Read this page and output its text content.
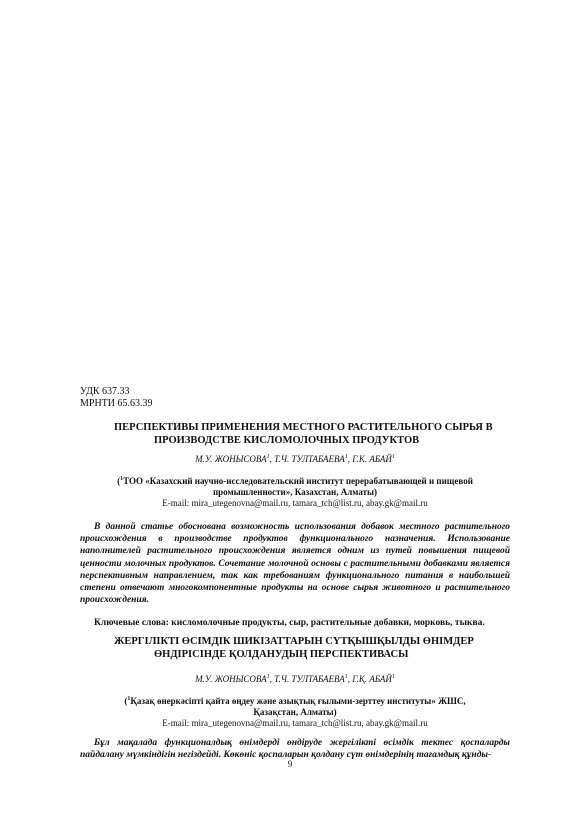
УДК 637.33
МРНТИ 65.63.39
ПЕРСПЕКТИВЫ ПРИМЕНЕНИЯ МЕСТНОГО РАСТИТЕЛЬНОГО СЫРЬЯ В
ПРОИЗВОДСТВЕ КИСЛОМОЛОЧНЫХ ПРОДУКТОВ
М.У. ЖОНЫСОВА$^1$, Т.Ч. ТУЛТАБАЕВА$^1$, Г.К. АБАЙ$^1$
($^1$ТОО «Казахский научно-исследовательский институт перерабатывающей и пищевой
промышленности», Казахстан, Алматы)
E-mail: mira_utegenovna@mail.ru, tamara_tch@list.ru, abay.gk@mail.ru
В данной статье обоснована возможность использования добавок местного растительного происхождения в производстве продуктов функционального назначения. Использование наполнителей растительного происхождения является одним из путей повышения пищевой ценности молочных продуктов. Сочетание молочной основы с растительными добавками является перспективным направлением, так как требованиям функционального питания в наибольшей степени отвечают многокомпонентные продукты на основе сырья животного и растительного происхождения.
Ключевые слова: кисломолочные продукты, сыр, растительные добавки, морковь, тыква.
ЖЕРГІЛІКТІ ӨСІМДІК ШИКІЗАТТАРЫН СҮТҚЫШҚЫЛДЫ ӨНІМДЕР
ӨНДІРІСІНДЕ ҚОЛДАНУДЫҢ ПЕРСПЕКТИВАСЫ
М.У. ЖОНЫСОВА$^1$, Т.Ч. ТУЛТАБАЕВА$^1$, Г.Қ. АБАЙ$^1$
($^1$Қазақ өнеркәсіпті қайта өңдеу және азықтық ғылыми-зерттеу институты» ЖШС,
Қазақстан, Алматы)
E-mail: mira_utegenovna@mail.ru, tamara_tch@list.ru, abay.gk@mail.ru
Бұл мақалада функционалдық өнімдерді өндіруде жергілікті өсімдік тектес қоспаларды пайдалану мүмкіндігін негіздейді. Көкөніс қоспаларын қолдану сүт өнімдерінің тағамдық құнды-
9
